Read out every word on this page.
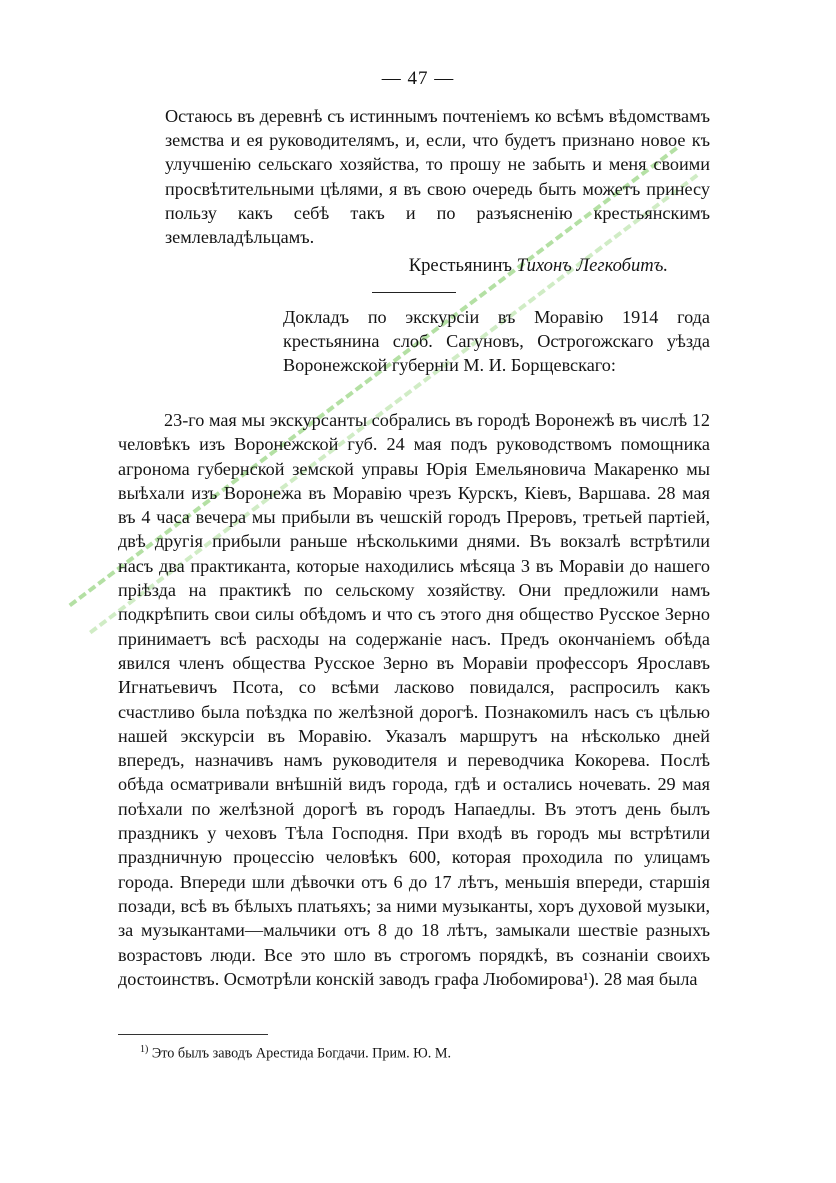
— 47 —

Остаюсь въ деревнѣ съ истиннымъ почтеніемъ ко всѣмъ вѣдомствамъ земства и ея руководителямъ, и, если, что будетъ признано новое къ улучшенію сельскаго хозяйства, то прошу не забыть и меня своими просвѣтительными цѣлями, я въ свою очередь быть можетъ принесу пользу какъ себѣ такъ и по разъясненію крестьянскимъ землевладѣльцамъ.

Крестьянинъ Тихонъ Легкобитъ.
Докладъ по экскурсіи въ Моравію 1914 года крестьянина слоб. Сагуновъ, Острогожскаго уѣзда Воронежской губерніи М. И. Борщевскаго:

23-го мая мы экскурсанты собрались въ городѣ Воронежѣ въ числѣ 12 человѣкъ изъ Воронежской губ. 24 мая подъ руководствомъ помощника агронома губернской земской управы Юрія Емельяновича Макаренко мы выѣхали изъ Воронежа въ Моравію чрезъ Курскъ, Кіевъ, Варшава. 28 мая въ 4 часа вечера мы прибыли въ чешскій городъ Прeровъ, третьей партіей, двѣ другія прибыли раньше нѣсколькими днями. Въ вокзалѣ встрѣтили насъ два практиканта, которые находились мѣсяца 3 въ Моравіи до нашего пріѣзда на практикѣ по сельскому хозяйству. Они предложили намъ подкрѣпить свои силы обѣдомъ и что съ этого дня общество Русское Зерно принимаетъ всѣ расходы на содержаніе насъ. Предъ окончаніемъ обѣда явился членъ общества Русское Зерно въ Моравіи профессоръ Ярославъ Игнатьевичъ Псота, со всѣми ласково повидался, распросилъ какъ счастливо была поѣздка по желѣзной дорогѣ. Познакомилъ насъ съ цѣлью нашей экскурсіи въ Моравію. Указалъ маршрутъ на нѣсколько дней впередъ, назначивъ намъ руководителя и переводчика Кокорева. Послѣ обѣда осматривали внѣшній видъ города, гдѣ и остались ночевать. 29 мая поѣхали по желѣзной дорогѣ въ городъ Напаедлы. Въ этотъ день былъ праздникъ у чеховъ Тѣла Господня. При входѣ въ городъ мы встрѣтили праздничную процессію человѣкъ 600, которая проходила по улицамъ города. Впереди шли дѣвочки отъ 6 до 17 лѣтъ, меньшія впереди, старшія позади, всѣ въ бѣлыхъ платьяхъ; за ними музыканты, хоръ духовой музыки, за музыкантами—мальчики отъ 8 до 18 лѣтъ, замыкали шествіе разныхъ возрастовъ люди. Все это шло въ строгомъ порядкѣ, въ сознаніи своихъ достоинствъ. Осмотрѣли конскій заводъ графа Любомирова¹). 28 мая была

$^{1)}$ Это былъ заводъ Арестида Богдачи. Прим. Ю. М.
